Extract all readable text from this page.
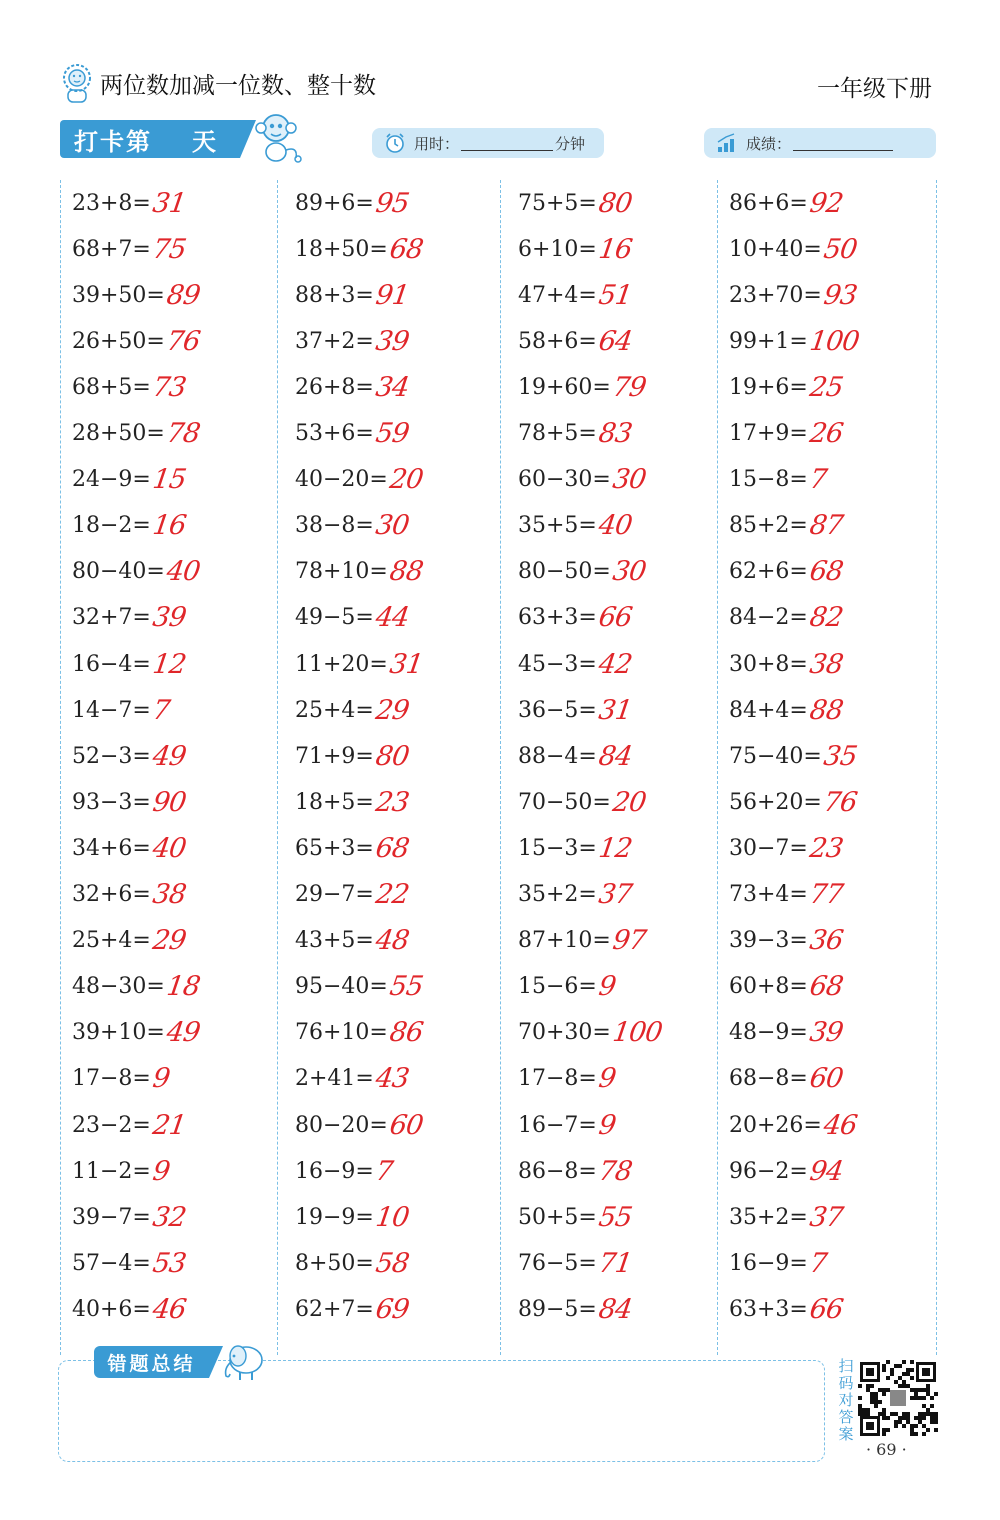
两位数加减一位数、整十数	一年级下册
打卡第 天	用时：	分钟	成绩：
23+8= 31
68+7= 75
39+50= 89
26+50= 76
68+5= 73
28+50= 78
24−9= 15
18−2= 16
80−40= 40
32+7= 39
16−4= 12
14−7= 7
52−3= 49
93−3= 90
34+6= 40
32+6= 38
25+4= 29
48−30= 18
39+10= 49
17−8= 9
23−2= 21
11−2= 9
39−7= 32
57−4= 53
40+6= 46
89+6= 95
18+50= 68
88+3= 91
37+2= 39
26+8= 34
53+6= 59
40−20= 20
38−8= 30
78+10= 88
49−5= 44
11+20= 31
25+4= 29
71+9= 80
18+5= 23
65+3= 68
29−7= 22
43+5= 48
95−40= 55
76+10= 86
2+41= 43
80−20= 60
16−9= 7
19−9= 10
8+50= 58
62+7= 69
75+5= 80
6+10= 16
47+4= 51
58+6= 64
19+60= 79
78+5= 83
60−30= 30
35+5= 40
80−50= 30
63+3= 66
45−3= 42
36−5= 31
88−4= 84
70−50= 20
15−3= 12
35+2= 37
87+10= 97
15−6= 9
70+30= 100
17−8= 9
16−7= 9
86−8= 78
50+5= 55
76−5= 71
89−5= 84
86+6= 92
10+40= 50
23+70= 93
99+1= 100
19+6= 25
17+9= 26
15−8= 7
85+2= 87
62+6= 68
84−2= 82
30+8= 38
84+4= 88
75−40= 35
56+20= 76
30−7= 23
73+4= 77
39−3= 36
60+8= 68
48−9= 39
68−8= 60
20+26= 46
96−2= 94
35+2= 37
16−9= 7
63+3= 66
错题总结	扫码对答案
· 69 ·
